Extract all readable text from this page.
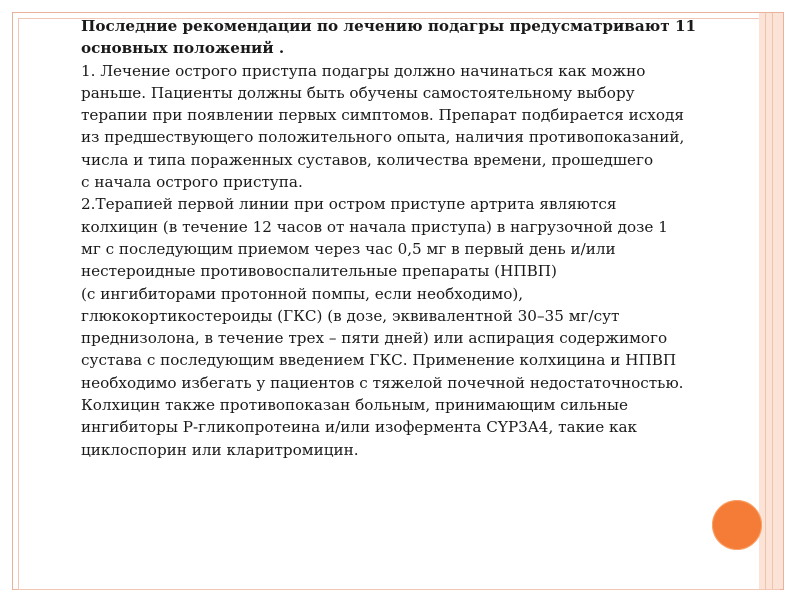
Последние рекомендации по лечению подагры предусматривают 11
основных положений .

1. Лечение острого приступа подагры должно начинаться как можно
раньше. Пациенты должны быть обучены самостоятельному выбору
терапии при появлении первых симптомов. Препарат подбирается исходя
из предшествующего положительного опыта, наличия противопоказаний,
числа и типа пораженных суставов, количества времени, прошедшего
с начала острого приступа.
2.Терапией первой линии при остром приступе артрита являются
колхицин (в течение 12 часов от начала приступа) в нагрузочной дозе 1
мг с последующим приемом через час 0,5 мг в первый день и/или
нестероидные противовоспалительные препараты (НПВП)
(с ингибиторами протонной помпы, если необходимо),
глюкокортикостероиды (ГКС) (в дозе, эквивалентной 30–35 мг/сут
преднизолона, в течение трех – пяти дней) или аспирация содержимого
сустава с последующим введением ГКС. Применение колхицина и НПВП
необходимо избегать у пациентов с тяжелой почечной недостаточностью.
Колхицин также противопоказан больным, принимающим сильные
ингибиторы Р-гликопротеина и/или изофермента CYP3A4, такие как
циклоспорин или кларитромицин.
